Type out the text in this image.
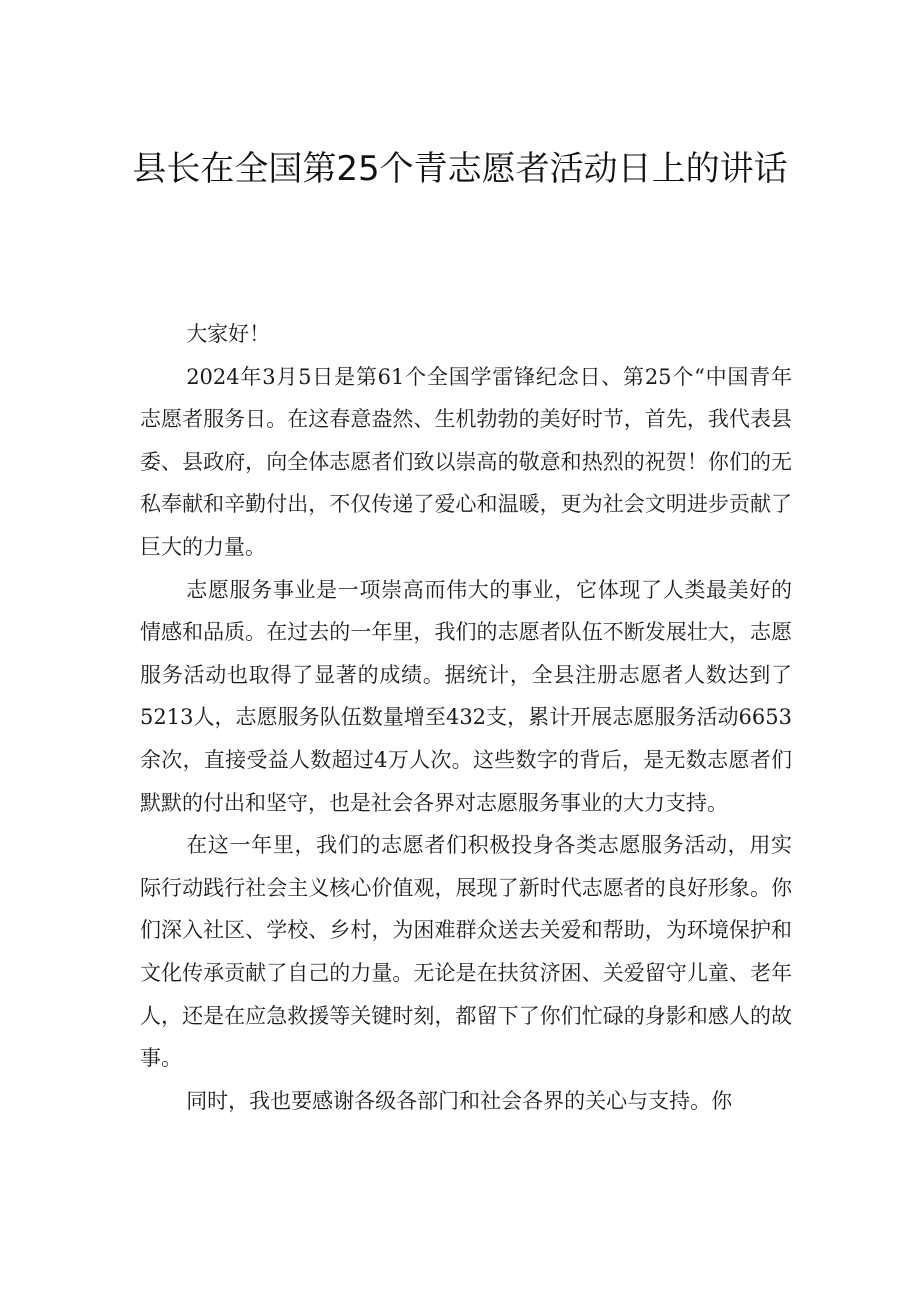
县长在全国第25个青志愿者活动日上的讲话

大家好！

2024年3月5日是第61个全国学雷锋纪念日、第25个“中国青年志愿者服务日。在这春意盎然、生机勃勃的美好时节，首先，我代表县委、县政府，向全体志愿者们致以崇高的敬意和热烈的祝贺！你们的无私奉献和辛勤付出，不仅传递了爱心和温暖，更为社会文明进步贡献了巨大的力量。

志愿服务事业是一项崇高而伟大的事业，它体现了人类最美好的情感和品质。在过去的一年里，我们的志愿者队伍不断发展壮大，志愿服务活动也取得了显著的成绩。据统计，全县注册志愿者人数达到了5213人，志愿服务队伍数量增至432支，累计开展志愿服务活动6653余次，直接受益人数超过4万人次。这些数字的背后，是无数志愿者们默默的付出和坚守，也是社会各界对志愿服务事业的大力支持。

在这一年里，我们的志愿者们积极投身各类志愿服务活动，用实际行动践行社会主义核心价值观，展现了新时代志愿者的良好形象。你们深入社区、学校、乡村，为困难群众送去关爱和帮助，为环境保护和文化传承贡献了自己的力量。无论是在扶贫济困、关爱留守儿童、老年人，还是在应急救援等关键时刻，都留下了你们忙碌的身影和感人的故事。

同时，我也要感谢各级各部门和社会各界的关心与支持。你
